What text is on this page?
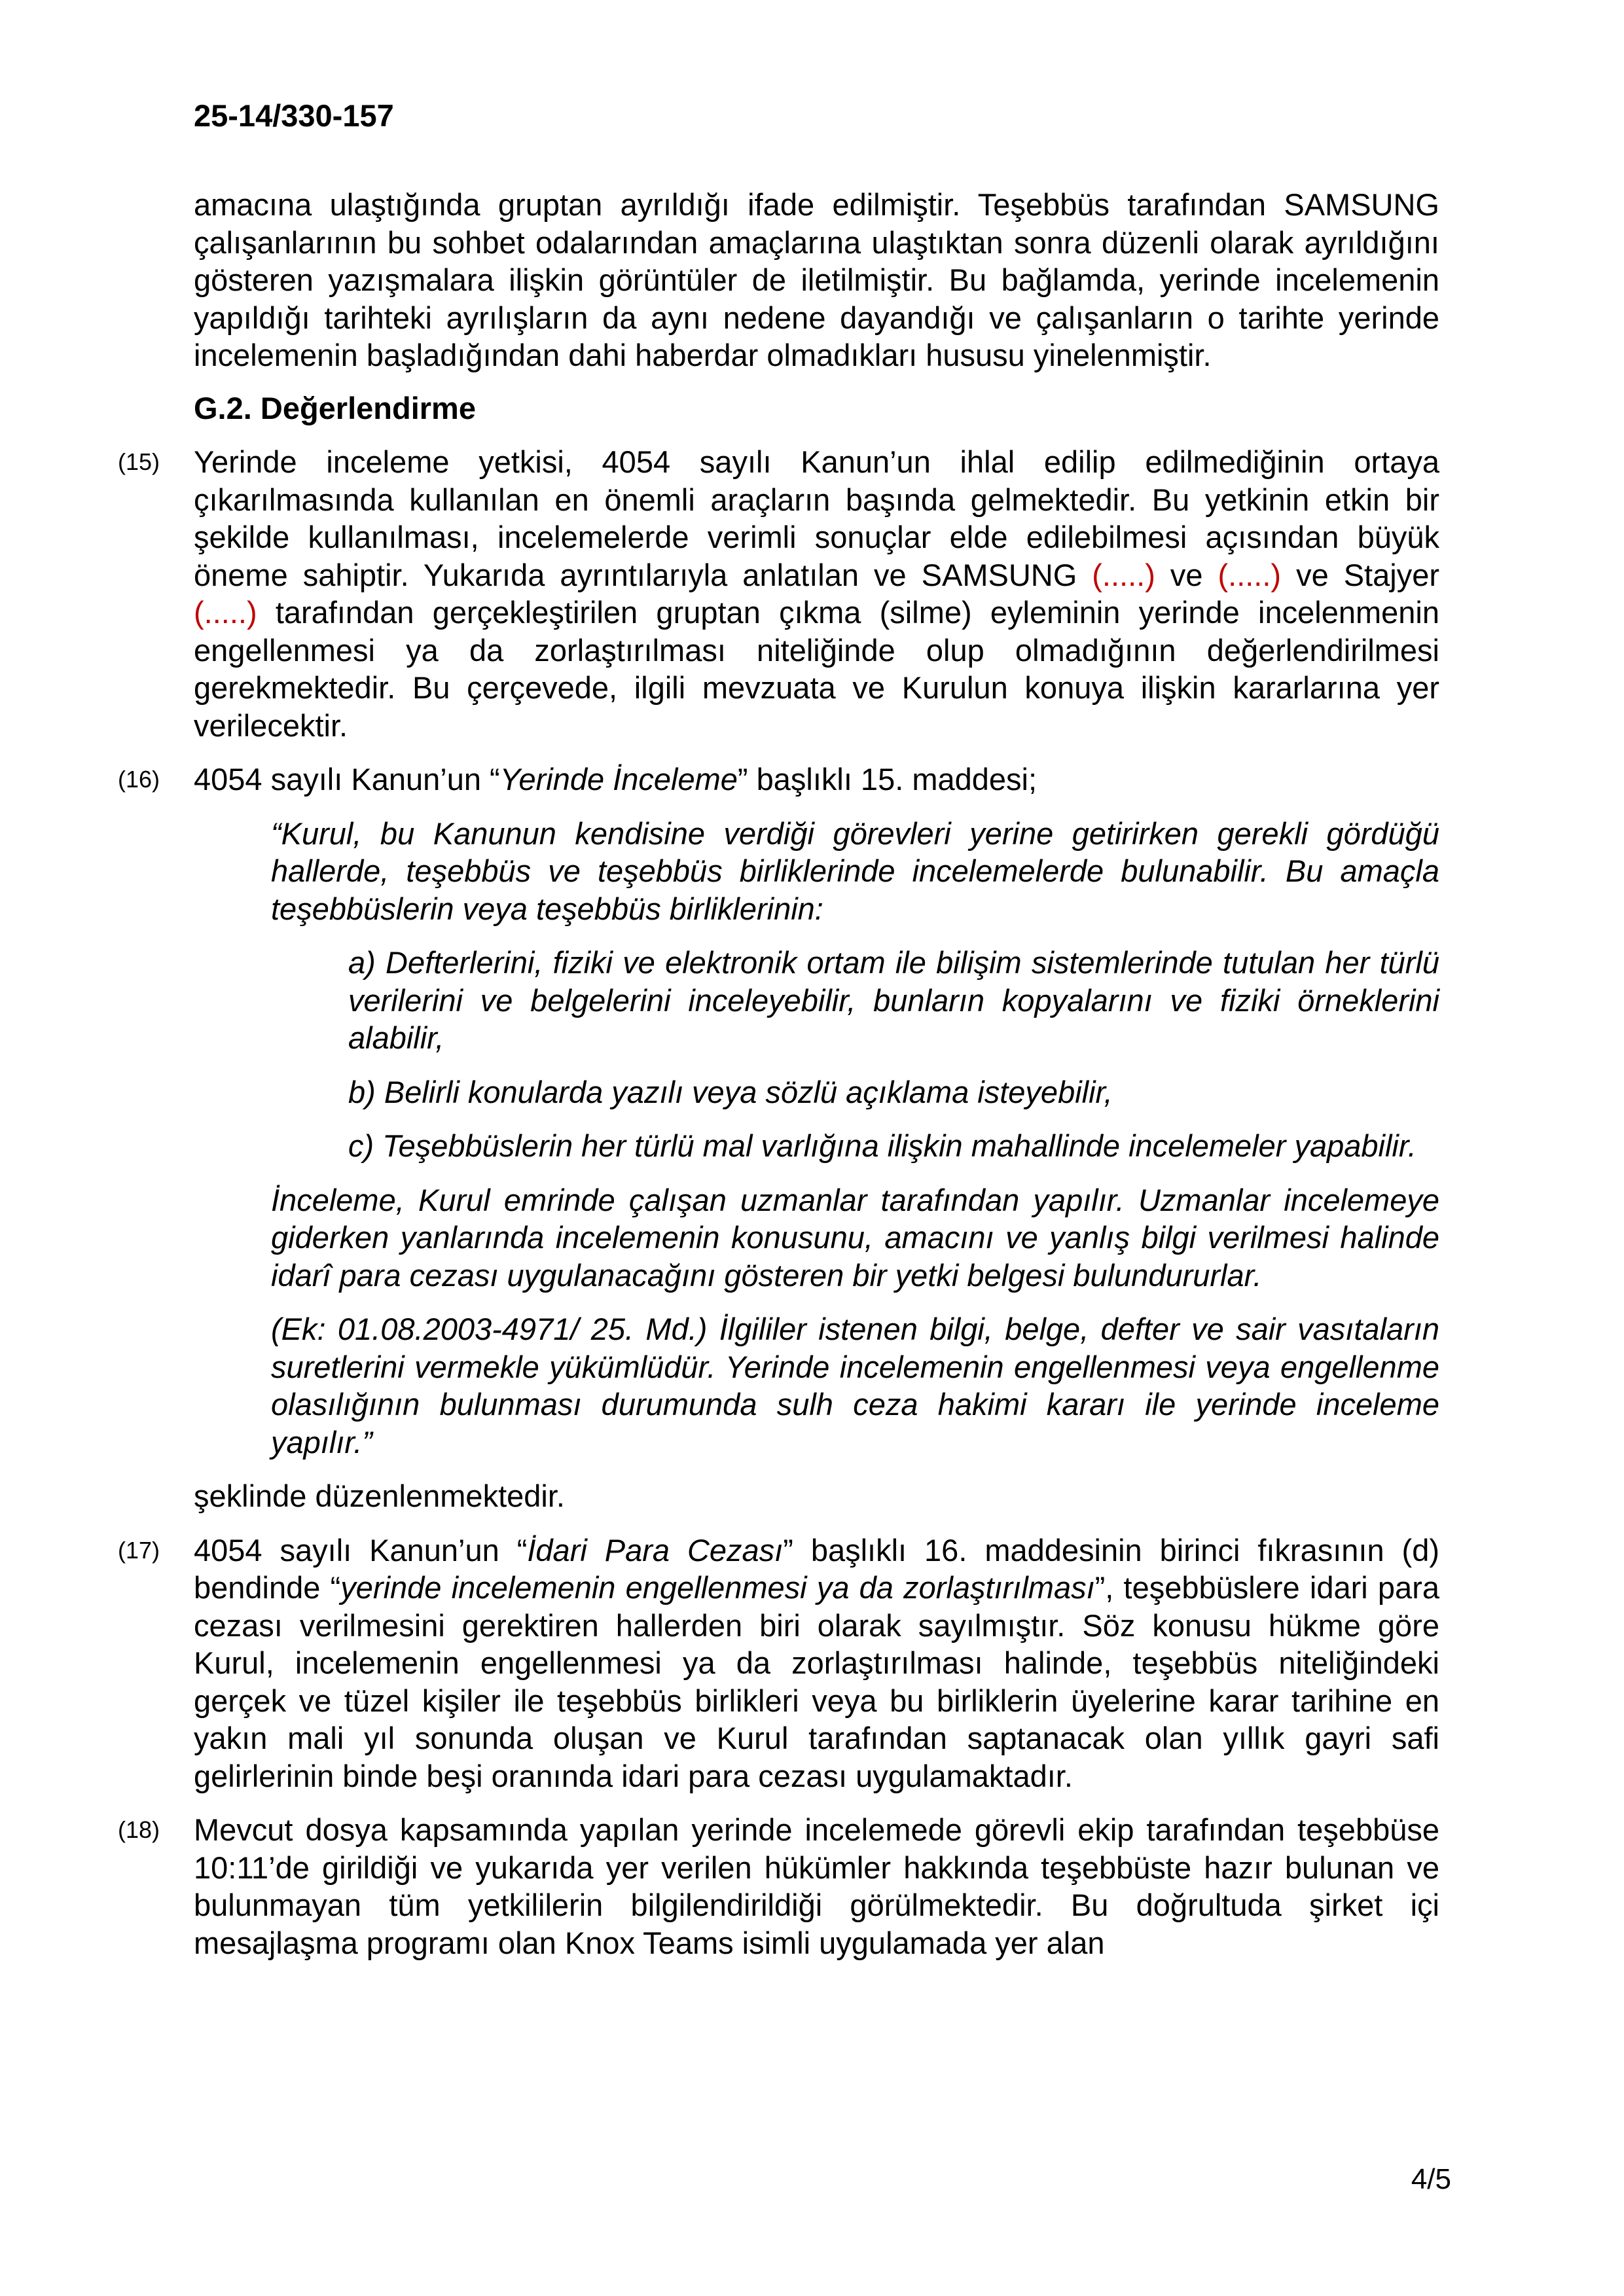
25-14/330-157

amacına ulaştığında gruptan ayrıldığı ifade edilmiştir. Teşebbüs tarafından SAMSUNG çalışanlarının bu sohbet odalarından amaçlarına ulaştıktan sonra düzenli olarak ayrıldığını gösteren yazışmalara ilişkin görüntüler de iletilmiştir. Bu bağlamda, yerinde incelemenin yapıldığı tarihteki ayrılışların da aynı nedene dayandığı ve çalışanların o tarihte yerinde incelemenin başladığından dahi haberdar olmadıkları hususu yinelenmiştir.

G.2. Değerlendirme

(15) Yerinde inceleme yetkisi, 4054 sayılı Kanun’un ihlal edilip edilmediğinin ortaya çıkarılmasında kullanılan en önemli araçların başında gelmektedir. Bu yetkinin etkin bir şekilde kullanılması, incelemelerde verimli sonuçlar elde edilebilmesi açısından büyük öneme sahiptir. Yukarıda ayrıntılarıyla anlatılan ve SAMSUNG (.....) ve (.....) ve Stajyer (.....) tarafından gerçekleştirilen gruptan çıkma (silme) eyleminin yerinde incelenmenin engellenmesi ya da zorlaştırılması niteliğinde olup olmadığının değerlendirilmesi gerekmektedir. Bu çerçevede, ilgili mevzuata ve Kurulun konuya ilişkin kararlarına yer verilecektir.
(16) 4054 sayılı Kanun’un “Yerinde İnceleme” başlıklı 15. maddesi;

“Kurul, bu Kanunun kendisine verdiği görevleri yerine getirirken gerekli gördüğü hallerde, teşebbüs ve teşebbüs birliklerinde incelemelerde bulunabilir. Bu amaçla teşebbüslerin veya teşebbüs birliklerinin:

a) Defterlerini, fiziki ve elektronik ortam ile bilişim sistemlerinde tutulan her türlü verilerini ve belgelerini inceleyebilir, bunların kopyalarını ve fiziki örneklerini alabilir,

b) Belirli konularda yazılı veya sözlü açıklama isteyebilir,

c) Teşebbüslerin her türlü mal varlığına ilişkin mahallinde incelemeler yapabilir.

İnceleme, Kurul emrinde çalışan uzmanlar tarafından yapılır. Uzmanlar incelemeye giderken yanlarında incelemenin konusunu, amacını ve yanlış bilgi verilmesi halinde idarî para cezası uygulanacağını gösteren bir yetki belgesi bulundururlar.

(Ek: 01.08.2003-4971/ 25. Md.) İlgililer istenen bilgi, belge, defter ve sair vasıtaların suretlerini vermekle yükümlüdür. Yerinde incelemenin engellenmesi veya engellenme olasılığının bulunması durumunda sulh ceza hakimi kararı ile yerinde inceleme yapılır.”

şeklinde düzenlenmektedir.

(17) 4054 sayılı Kanun’un “İdari Para Cezası” başlıklı 16. maddesinin birinci fıkrasının (d) bendinde “yerinde incelemenin engellenmesi ya da zorlaştırılması”, teşebbüslere idari para cezası verilmesini gerektiren hallerden biri olarak sayılmıştır. Söz konusu hükme göre Kurul, incelemenin engellenmesi ya da zorlaştırılması halinde, teşebbüs niteliğindeki gerçek ve tüzel kişiler ile teşebbüs birlikleri veya bu birliklerin üyelerine karar tarihine en yakın mali yıl sonunda oluşan ve Kurul tarafından saptanacak olan yıllık gayri safi gelirlerinin binde beşi oranında idari para cezası uygulamaktadır.
(18) Mevcut dosya kapsamında yapılan yerinde incelemede görevli ekip tarafından teşebbüse 10:11’de girildiği ve yukarıda yer verilen hükümler hakkında teşebbüste hazır bulunan ve bulunmayan tüm yetkililerin bilgilendirildiği görülmektedir. Bu doğrultuda şirket içi mesajlaşma programı olan Knox Teams isimli uygulamada yer alan
4/5
